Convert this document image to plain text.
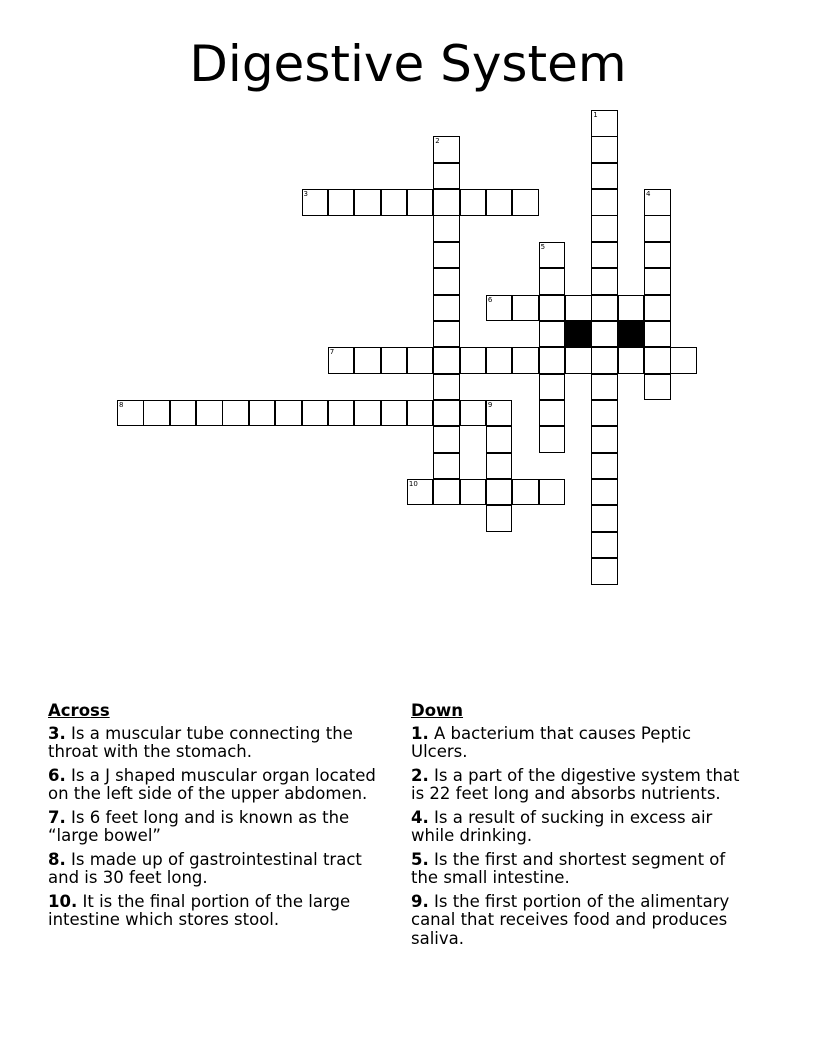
Digestive System
1
2
3	4
5
6
7
8	9
10
Across
3. Is a muscular tube connecting the throat with the stomach.
6. Is a J shaped muscular organ located on the left side of the upper abdomen.
7. Is 6 feet long and is known as the “large bowel”
8. Is made up of gastrointestinal tract and is 30 feet long.
10. It is the final portion of the large intestine which stores stool.
Down
1. A bacterium that causes Peptic Ulcers.
2. Is a part of the digestive system that is 22 feet long and absorbs nutrients.
4. Is a result of sucking in excess air while drinking.
5. Is the first and shortest segment of the small intestine.
9. Is the first portion of the alimentary canal that receives food and produces saliva.
